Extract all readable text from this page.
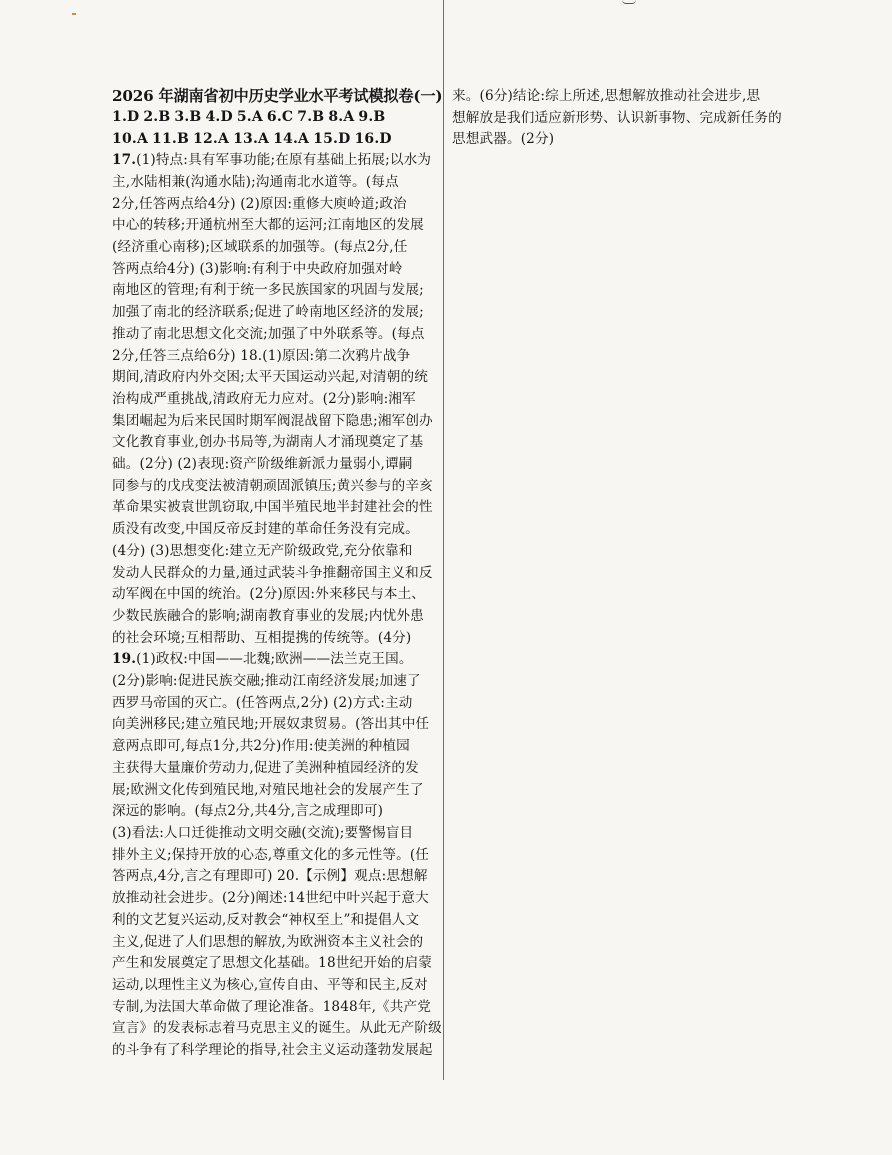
2026 年湖南省初中历史学业水平考试模拟卷(一)
1.D 2.B 3.B 4.D 5.A 6.C 7.B 8.A 9.B
10.A 11.B 12.A 13.A 14.A 15.D 16.D
17.(1)特点:具有军事功能;在原有基础上拓展;以水为
主,水陆相兼(沟通水陆);沟通南北水道等。(每点
2分,任答两点给4分) (2)原因:重修大庾岭道;政治
中心的转移;开通杭州至大都的运河;江南地区的发展
(经济重心南移);区域联系的加强等。(每点2分,任
答两点给4分) (3)影响:有利于中央政府加强对岭
南地区的管理;有利于统一多民族国家的巩固与发展;
加强了南北的经济联系;促进了岭南地区经济的发展;
推动了南北思想文化交流;加强了中外联系等。(每点
2分,任答三点给6分) 18.(1)原因:第二次鸦片战争
期间,清政府内外交困;太平天国运动兴起,对清朝的统
治构成严重挑战,清政府无力应对。(2分)影响:湘军
集团崛起为后来民国时期军阀混战留下隐患;湘军创办
文化教育事业,创办书局等,为湖南人才涌现奠定了基
础。(2分) (2)表现:资产阶级维新派力量弱小,谭嗣
同参与的戊戌变法被清朝顽固派镇压;黄兴参与的辛亥
革命果实被袁世凯窃取,中国半殖民地半封建社会的性
质没有改变,中国反帝反封建的革命任务没有完成。
(4分) (3)思想变化:建立无产阶级政党,充分依靠和
发动人民群众的力量,通过武装斗争推翻帝国主义和反
动军阀在中国的统治。(2分)原因:外来移民与本土、
少数民族融合的影响;湖南教育事业的发展;内忧外患
的社会环境;互相帮助、互相提携的传统等。(4分)
19.(1)政权:中国——北魏;欧洲——法兰克王国。
(2分)影响:促进民族交融;推动江南经济发展;加速了
西罗马帝国的灭亡。(任答两点,2分) (2)方式:主动
向美洲移民;建立殖民地;开展奴隶贸易。(答出其中任
意两点即可,每点1分,共2分)作用:使美洲的种植园
主获得大量廉价劳动力,促进了美洲种植园经济的发
展;欧洲文化传到殖民地,对殖民地社会的发展产生了
深远的影响。(每点2分,共4分,言之成理即可)
(3)看法:人口迁徙推动文明交融(交流);要警惕盲目
排外主义;保持开放的心态,尊重文化的多元性等。(任
答两点,4分,言之有理即可) 20.【示例】观点:思想解
放推动社会进步。(2分)阐述:14世纪中叶兴起于意大
利的文艺复兴运动,反对教会“神权至上”和提倡人文
主义,促进了人们思想的解放,为欧洲资本主义社会的
产生和发展奠定了思想文化基础。18世纪开始的启蒙
运动,以理性主义为核心,宣传自由、平等和民主,反对
专制,为法国大革命做了理论准备。1848年,《共产党
宣言》的发表标志着马克思主义的诞生。从此无产阶级
的斗争有了科学理论的指导,社会主义运动蓬勃发展起
来。(6分)结论:综上所述,思想解放推动社会进步,思
想解放是我们适应新形势、认识新事物、完成新任务的
思想武器。(2分)
